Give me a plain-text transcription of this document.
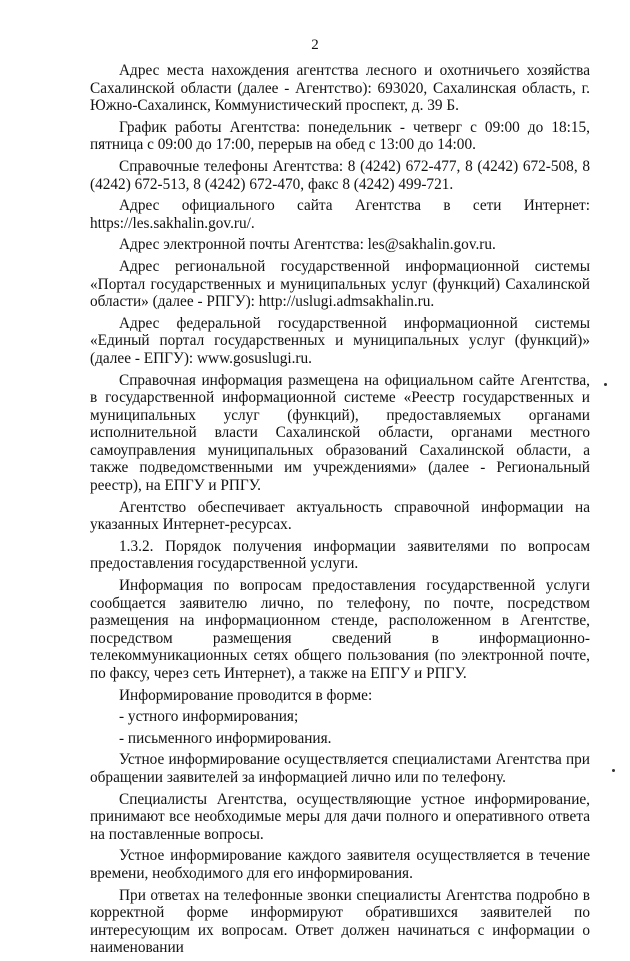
2

Адрес места нахождения агентства лесного и охотничьего хозяйства Сахалинской области (далее - Агентство): 693020, Сахалинская область, г. Южно-Сахалинск, Коммунистический проспект, д. 39 Б.

График работы Агентства: понедельник - четверг с 09:00 до 18:15, пятница с 09:00 до 17:00, перерыв на обед с 13:00 до 14:00.

Справочные телефоны Агентства: 8 (4242) 672-477, 8 (4242) 672-508, 8 (4242) 672-513, 8 (4242) 672-470, факс 8 (4242) 499-721.

Адрес официального сайта Агентства в сети Интернет: https://les.sakhalin.gov.ru/.

Адрес электронной почты Агентства: les@sakhalin.gov.ru.

Адрес региональной государственной информационной системы «Портал государственных и муниципальных услуг (функций) Сахалинской области» (далее - РПГУ): http://uslugi.admsakhalin.ru.

Адрес федеральной государственной информационной системы «Единый портал государственных и муниципальных услуг (функций)» (далее - ЕПГУ): www.gosuslugi.ru.

Справочная информация размещена на официальном сайте Агентства, в государственной информационной системе «Реестр государственных и муниципальных услуг (функций), предоставляемых органами исполнительной власти Сахалинской области, органами местного самоуправления муниципальных образований Сахалинской области, а также подведомственными им учреждениями» (далее - Региональный реестр), на ЕПГУ и РПГУ.

Агентство обеспечивает актуальность справочной информации на указанных Интернет-ресурсах.

1.3.2. Порядок получения информации заявителями по вопросам предоставления государственной услуги.

Информация по вопросам предоставления государственной услуги сообщается заявителю лично, по телефону, по почте, посредством размещения на информационном стенде, расположенном в Агентстве, посредством размещения сведений в информационно-телекоммуникационных сетях общего пользования (по электронной почте, по факсу, через сеть Интернет), а также на ЕПГУ и РПГУ.

Информирование проводится в форме:

- устного информирования;

- письменного информирования.

Устное информирование осуществляется специалистами Агентства при обращении заявителей за информацией лично или по телефону.

Специалисты Агентства, осуществляющие устное информирование, принимают все необходимые меры для дачи полного и оперативного ответа на поставленные вопросы.

Устное информирование каждого заявителя осуществляется в течение времени, необходимого для его информирования.

При ответах на телефонные звонки специалисты Агентства подробно в корректной форме информируют обратившихся заявителей по интересующим их вопросам. Ответ должен начинаться с информации о наименовании
